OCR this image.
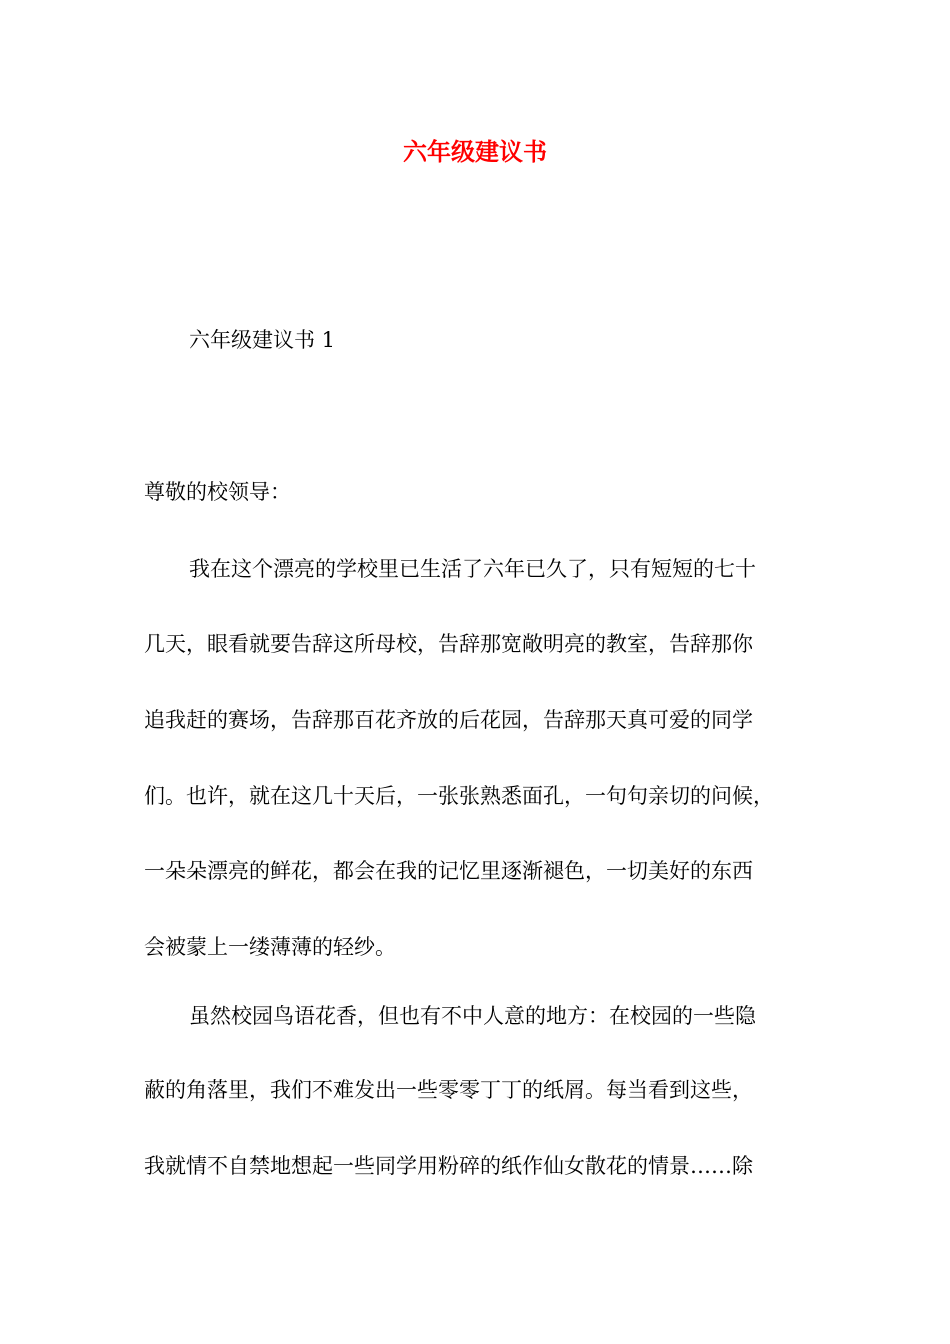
六年级建议书

六年级建议书 1

尊敬的校领导：

我在这个漂亮的学校里已生活了六年已久了，只有短短的七十

几天，眼看就要告辞这所母校，告辞那宽敞明亮的教室，告辞那你

追我赶的赛场，告辞那百花齐放的后花园，告辞那天真可爱的同学

们。也许，就在这几十天后，一张张熟悉面孔，一句句亲切的问候，

一朵朵漂亮的鲜花，都会在我的记忆里逐渐褪色，一切美好的东西

会被蒙上一缕薄薄的轻纱。

虽然校园鸟语花香，但也有不中人意的地方：在校园的一些隐

蔽的角落里，我们不难发出一些零零丁丁的纸屑。每当看到这些，

我就情不自禁地想起一些同学用粉碎的纸作仙女散花的情景……除
